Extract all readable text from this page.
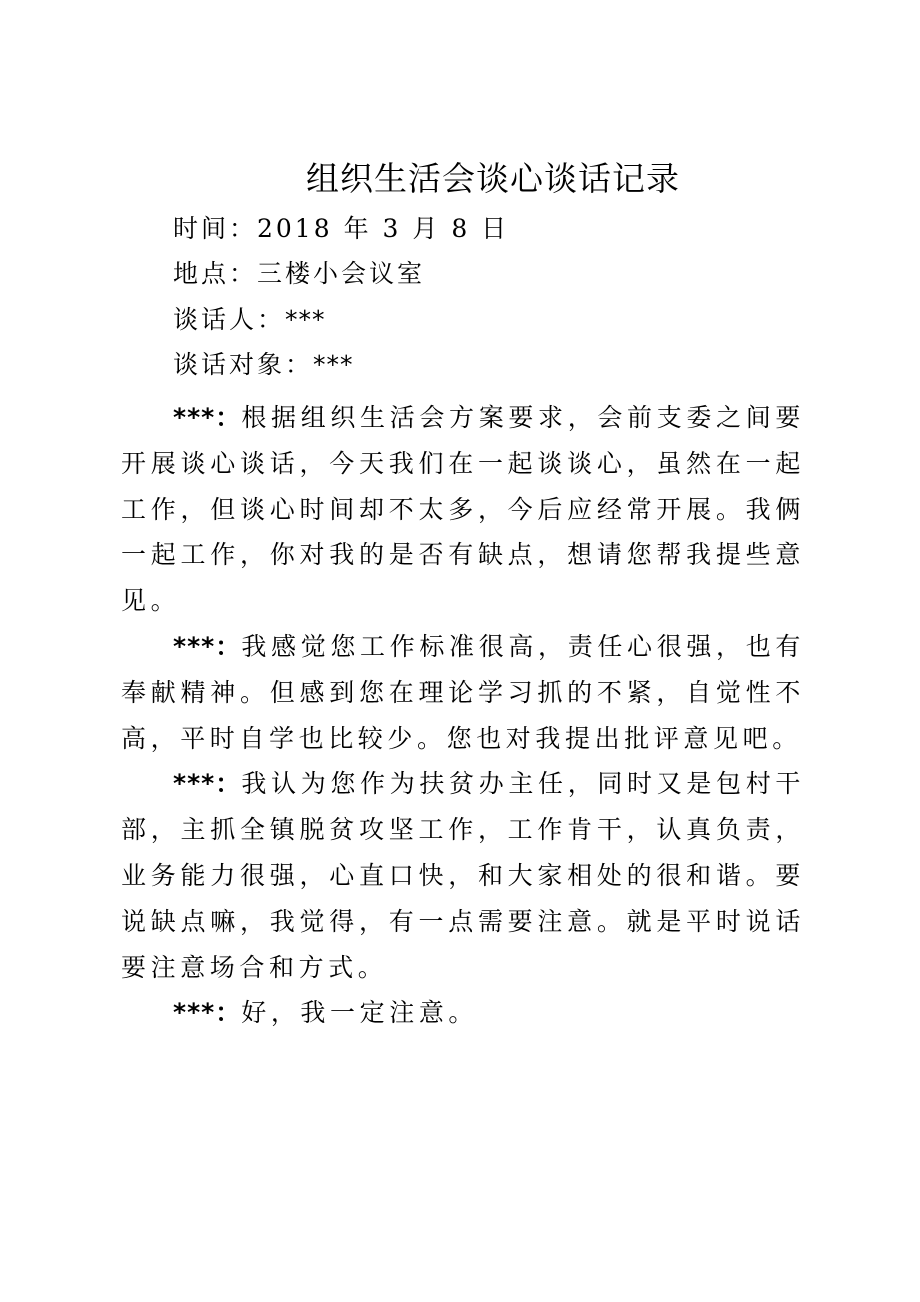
组织生活会谈心谈话记录
时间：2018 年 3 月 8 日
地点：三楼小会议室
谈话人：***
谈话对象：***

***：根据组织生活会方案要求，会前支委之间要开展谈心谈话，今天我们在一起谈谈心，虽然在一起工作，但谈心时间却不太多，今后应经常开展。我俩一起工作，你对我的是否有缺点，想请您帮我提些意见。

***：我感觉您工作标准很高，责任心很强，也有奉献精神。但感到您在理论学习抓的不紧，自觉性不高，平时自学也比较少。您也对我提出批评意见吧。

***：我认为您作为扶贫办主任，同时又是包村干部，主抓全镇脱贫攻坚工作，工作肯干，认真负责，业务能力很强，心直口快，和大家相处的很和谐。要说缺点嘛，我觉得，有一点需要注意。就是平时说话要注意场合和方式。

***：好，我一定注意。
